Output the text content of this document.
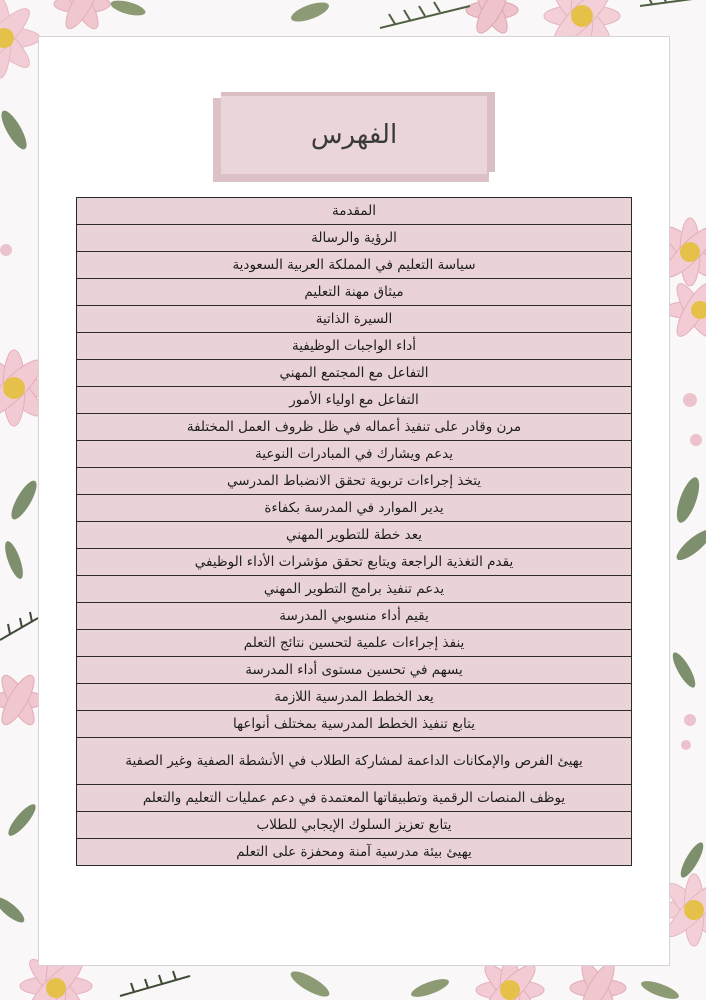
الفهرس
المقدمة
الرؤية والرسالة
سياسة التعليم في المملكة العربية السعودية
ميثاق مهنة التعليم
السيرة الذاتية
أداء الواجبات الوظيفية
التفاعل مع المجتمع المهني
التفاعل مع اولياء الأمور
مرن وقادر على تنفيذ أعماله في ظل ظروف العمل المختلفة
يدعم ويشارك في المبادرات النوعية
يتخذ إجراءات تربوية تحقق الانضباط المدرسي
يدير الموارد في المدرسة بكفاءة
يعد خطة للتطوير المهني
يقدم التغذية الراجعة ويتابع تحقق مؤشرات الأداء الوظيفي
يدعم تنفيذ برامج التطوير المهني
يقيم أداء منسوبي المدرسة
ينفذ إجراءات علمية لتحسين نتائج التعلم
يسهم في تحسين مستوى أداء المدرسة
يعد الخطط المدرسية اللازمة
يتابع تنفيذ الخطط المدرسية بمختلف أنواعها
يهيئ الفرص والإمكانات الداعمة لمشاركة الطلاب في الأنشطة الصفية وغير الصفية
يوظف المنصات الرقمية وتطبيقاتها المعتمدة في دعم عمليات التعليم والتعلم
يتابع تعزيز السلوك الإيجابي للطلاب
يهيئ بيئة مدرسية آمنة ومحفزة على التعلم
